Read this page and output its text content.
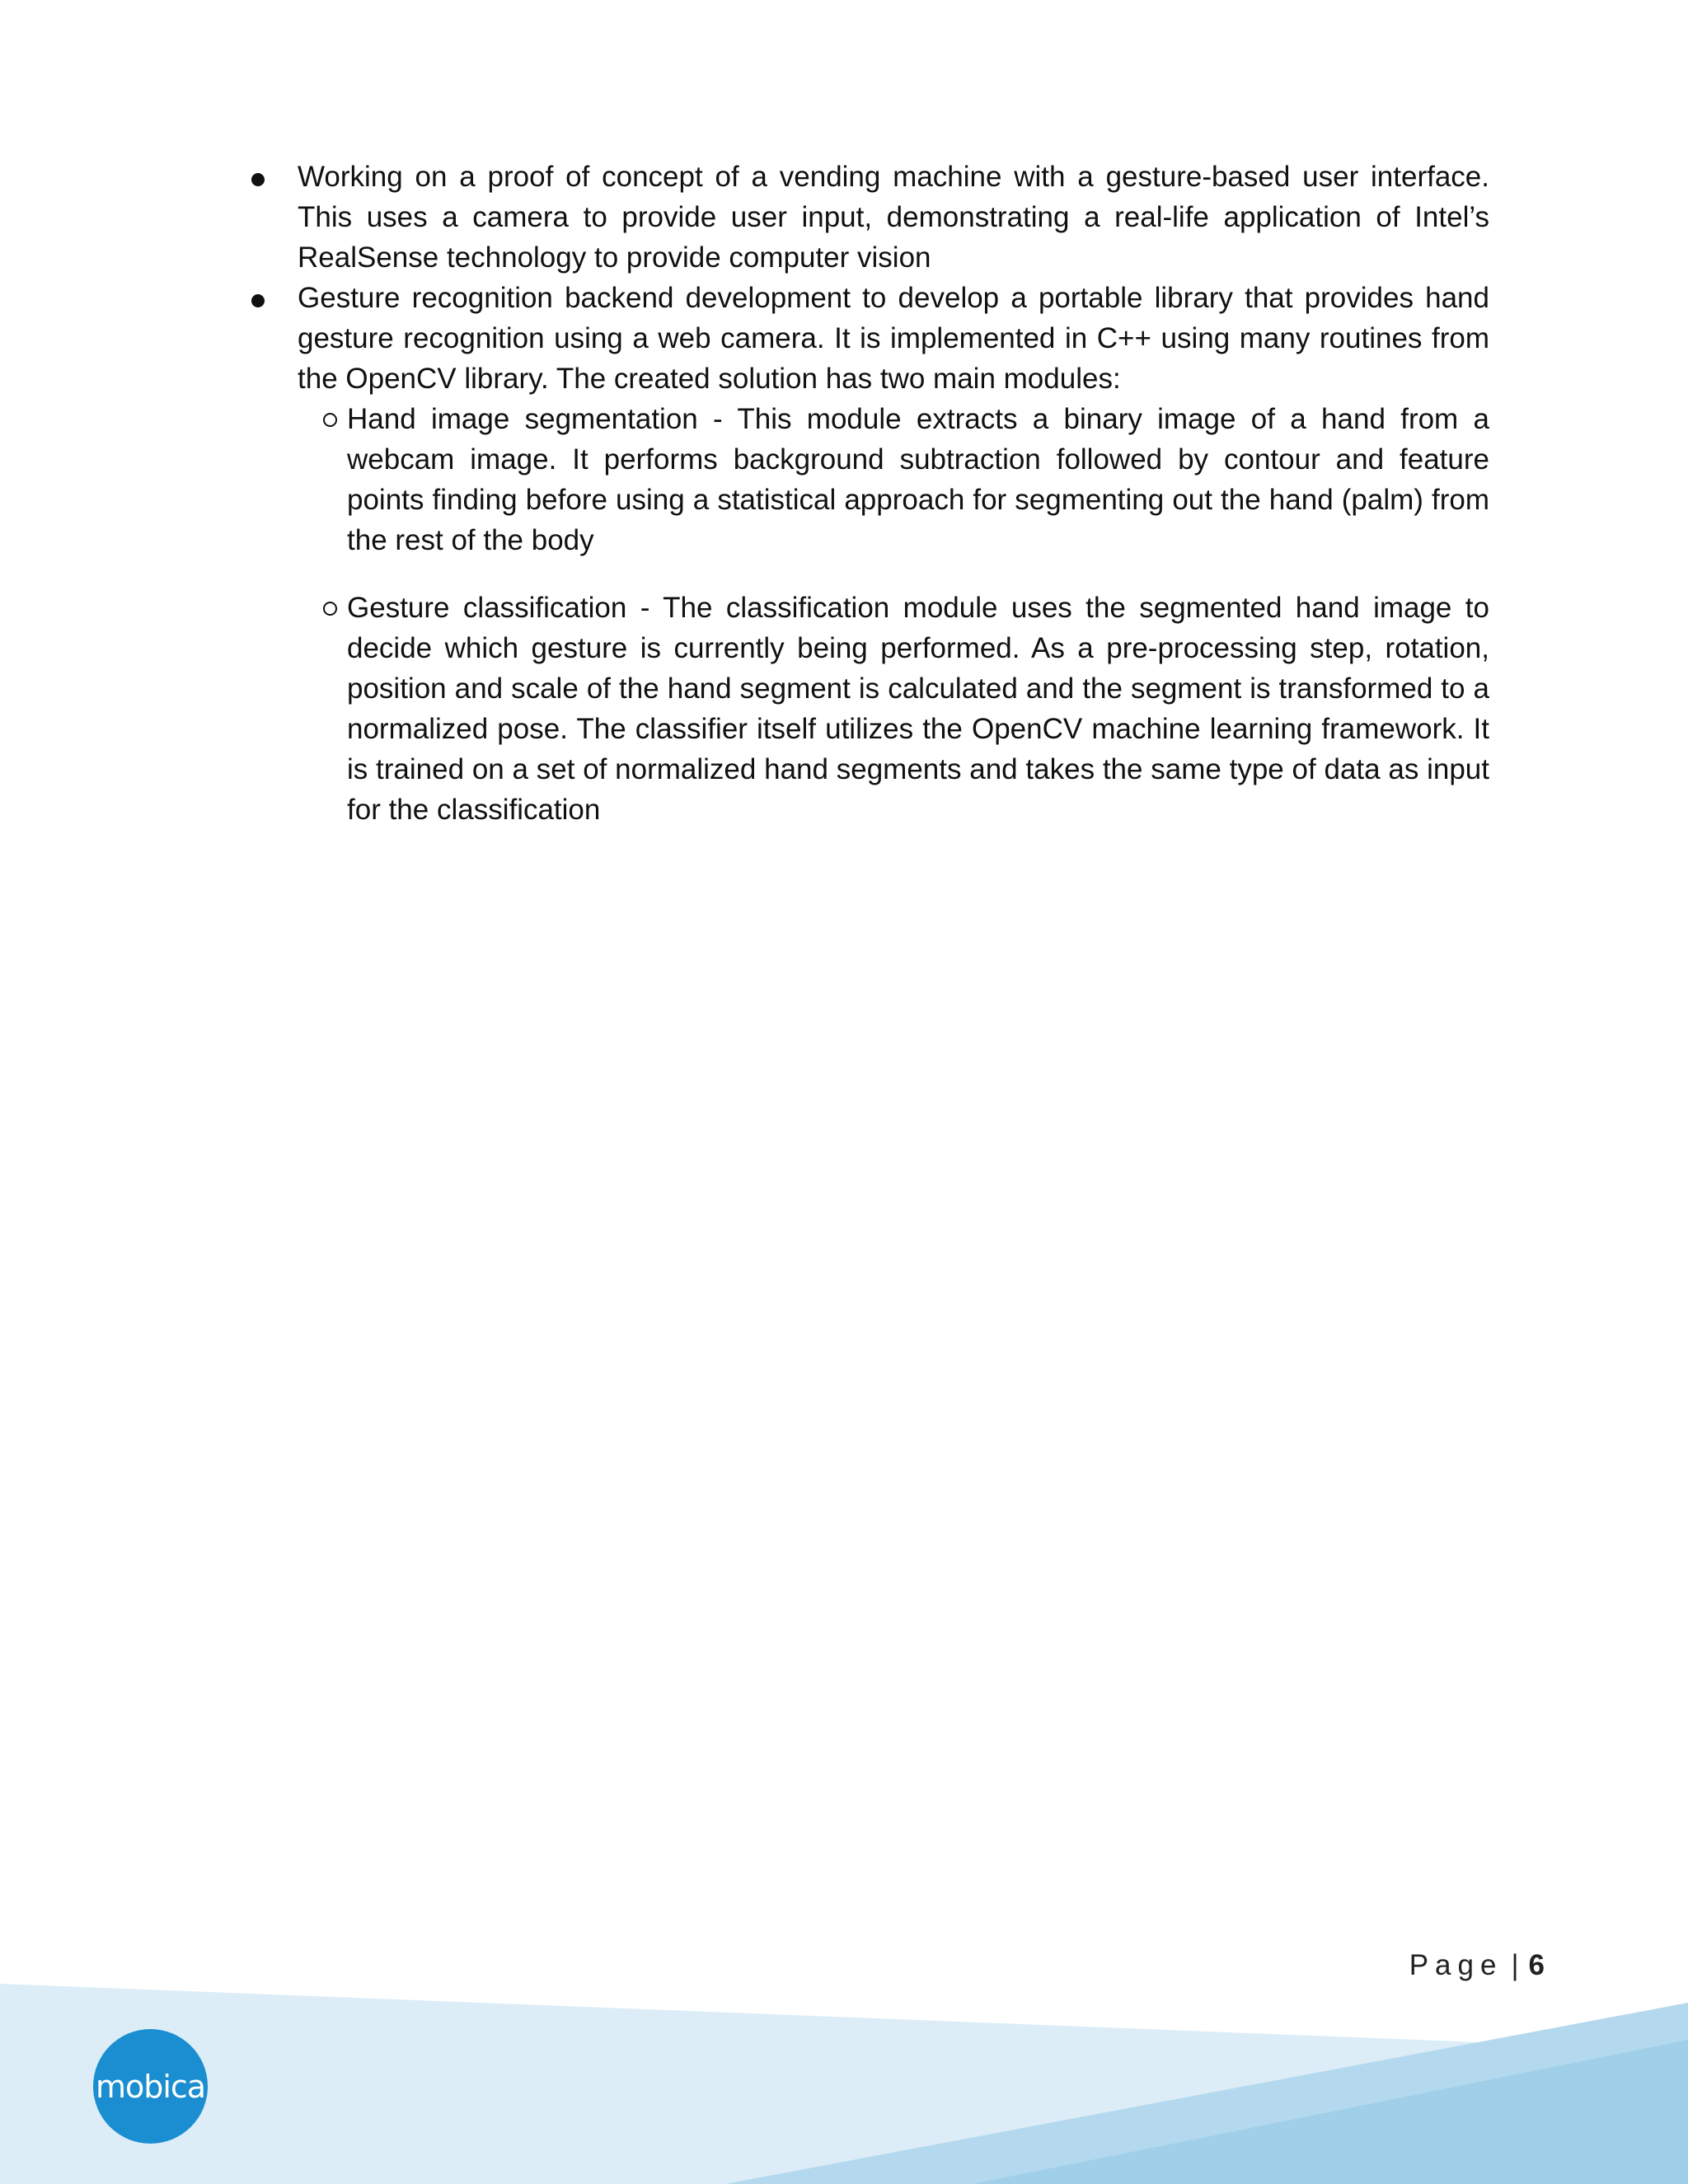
Working on a proof of concept of a vending machine with a gesture-based user interface. This uses a camera to provide user input, demonstrating a real-life application of Intel’s RealSense technology to provide computer vision
Gesture recognition backend development to develop a portable library that provides hand gesture recognition using a web camera. It is implemented in C++ using many routines from the OpenCV library. The created solution has two main modules:
Hand image segmentation - This module extracts a binary image of a hand from a webcam image. It performs background subtraction followed by contour and feature points finding before using a statistical approach for segmenting out the hand (palm) from the rest of the body
Gesture classification - The classification module uses the segmented hand image to decide which gesture is currently being performed. As a pre-processing step, rotation, position and scale of the hand segment is calculated and the segment is transformed to a normalized pose. The classifier itself utilizes the OpenCV machine learning framework. It is trained on a set of normalized hand segments and takes the same type of data as input for the classification
Page | 6
mobica
